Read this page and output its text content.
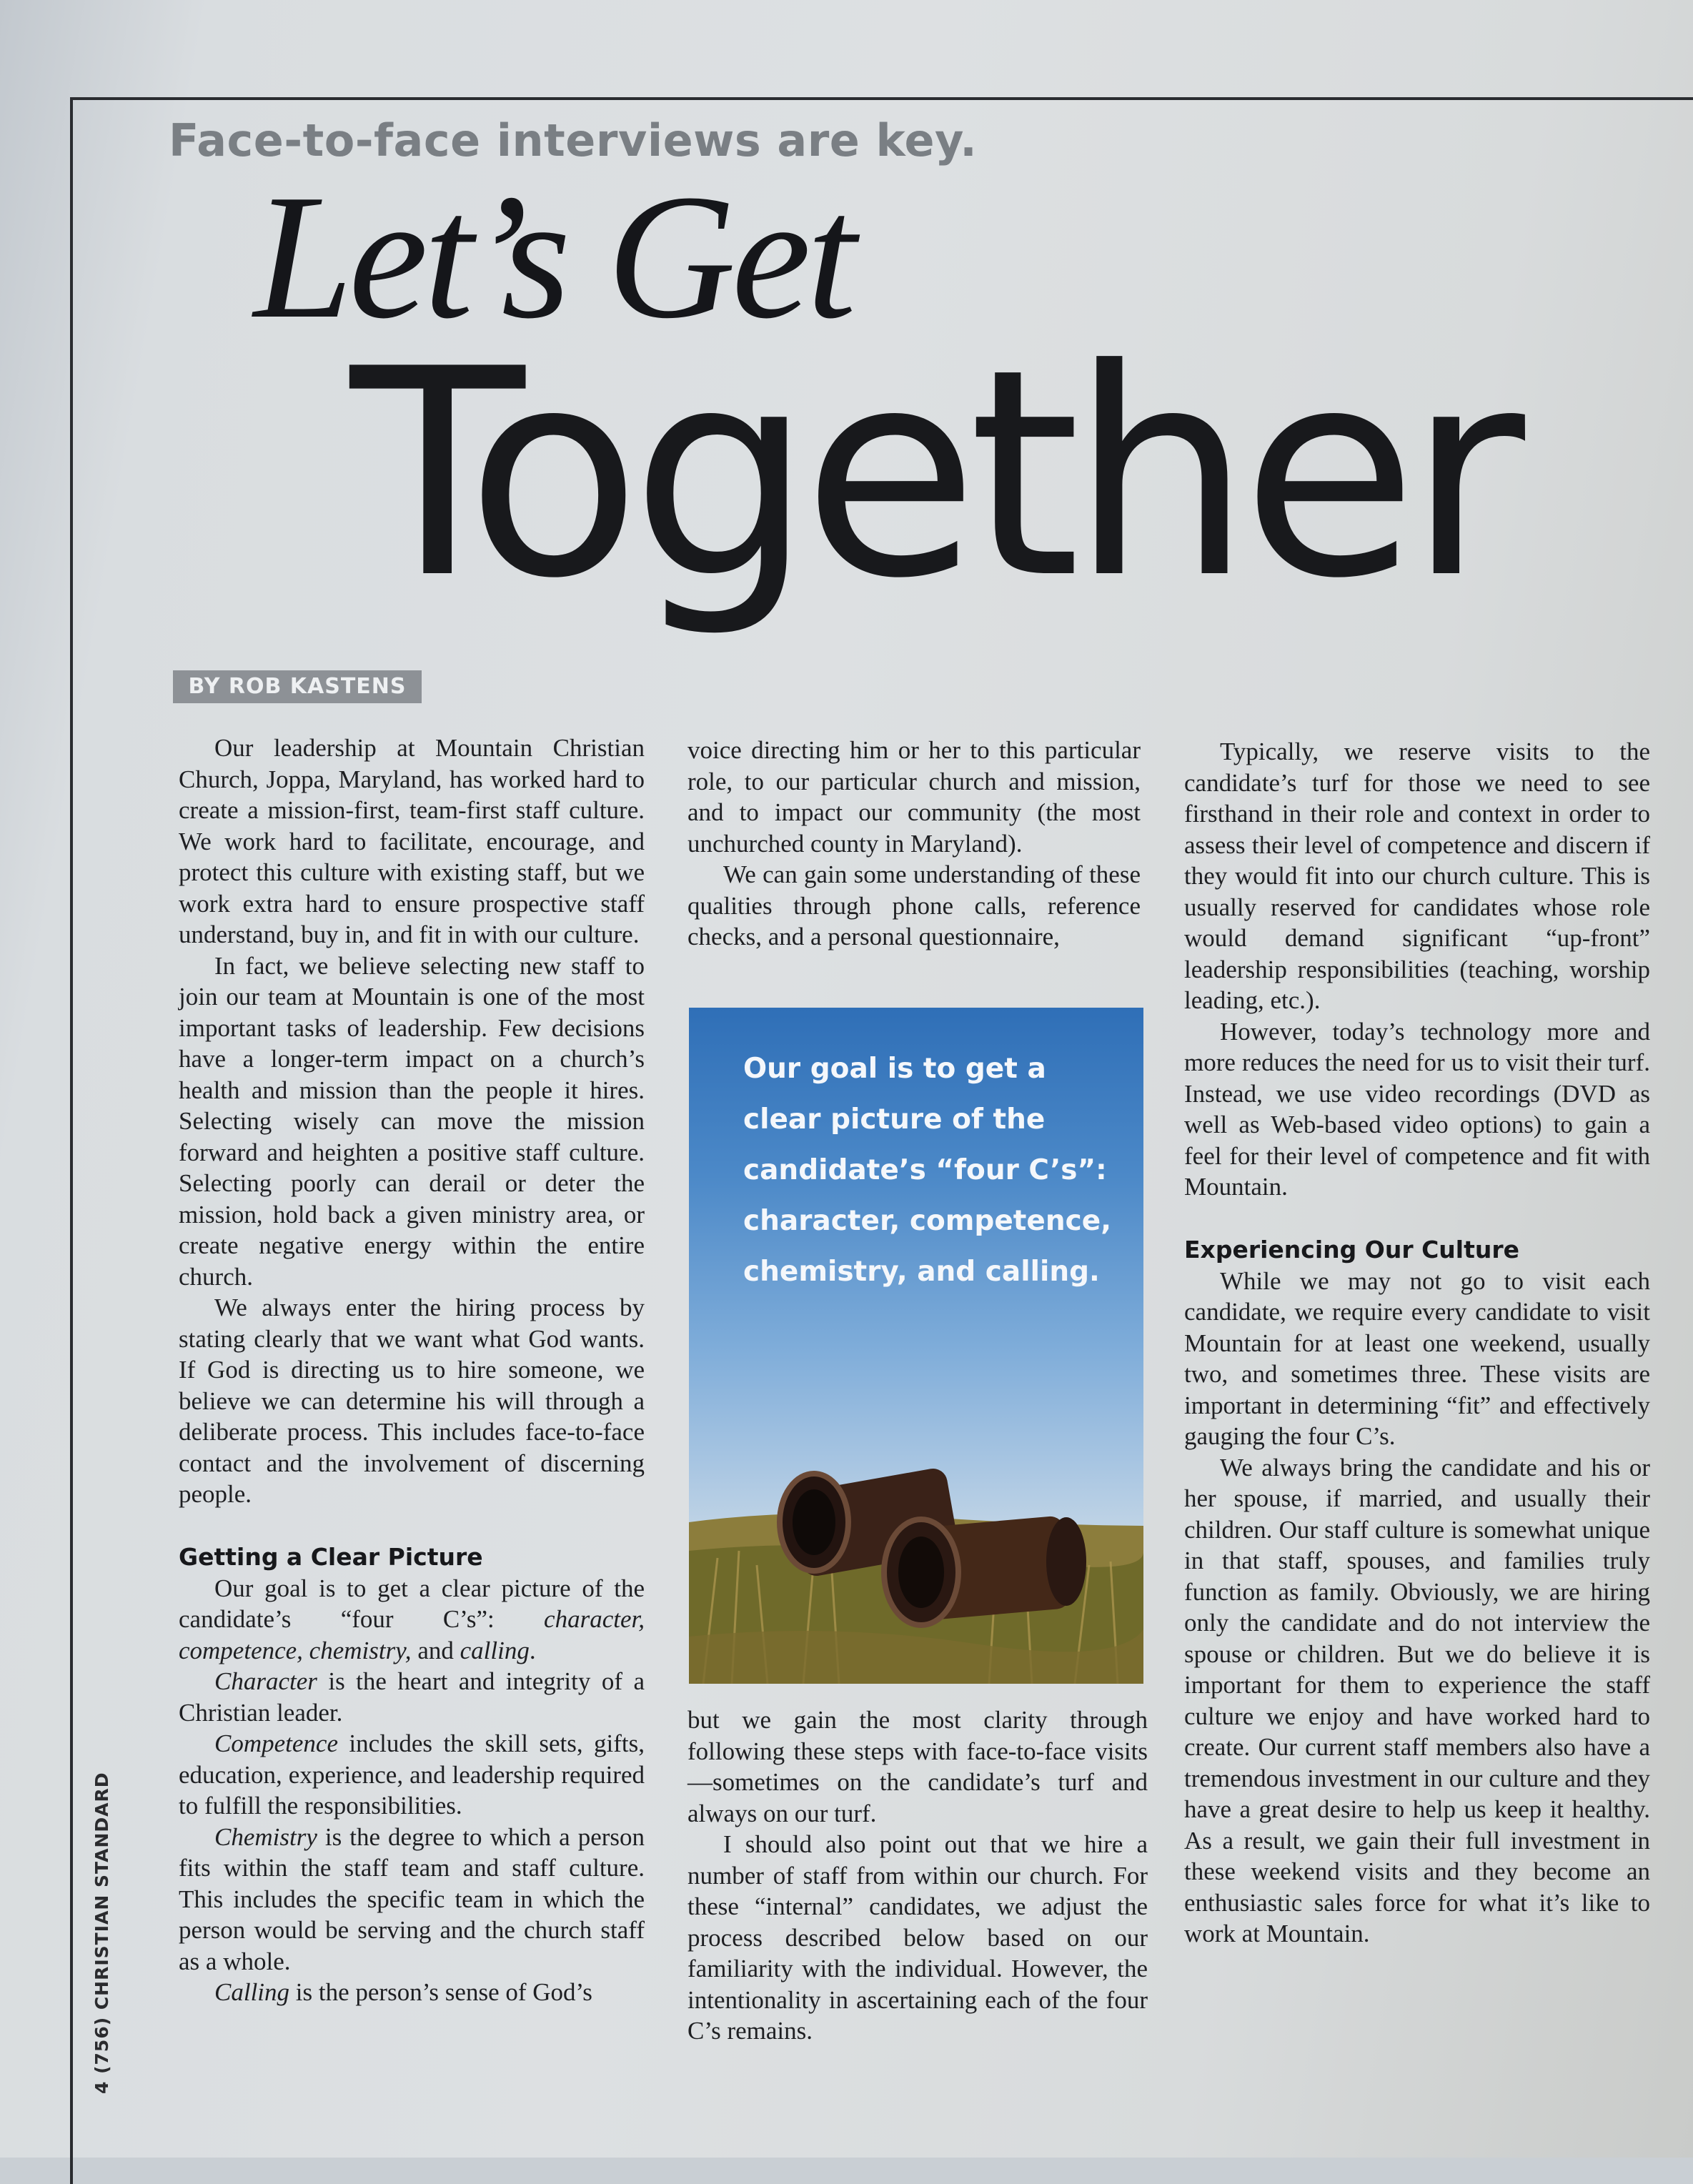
Face-to-face interviews are key.
Let’s Get
Together
BY ROB KASTENS

Our leadership at Mountain Christian Church, Joppa, Maryland, has worked hard to create a mission-first, team-first staff culture. We work hard to facilitate, encourage, and protect this culture with existing staff, but we work extra hard to ensure prospective staff understand, buy in, and fit in with our culture.

In fact, we believe selecting new staff to join our team at Mountain is one of the most important tasks of leadership. Few decisions have a longer-term impact on a church’s health and mission than the people it hires. Selecting wisely can move the mission forward and heighten a positive staff culture. Selecting poorly can derail or deter the mission, hold back a given ministry area, or create negative energy within the entire church.

We always enter the hiring process by stating clearly that we want what God wants. If God is directing us to hire someone, we believe we can determine his will through a deliberate process. This includes face-to-face contact and the involvement of discerning people.

Getting a Clear Picture

Our goal is to get a clear picture of the candidate’s “four C’s”: character, competence, chemistry, and calling.

Character is the heart and integrity of a Christian leader.

Competence includes the skill sets, gifts, education, experience, and leadership required to fulfill the responsibilities.

Chemistry is the degree to which a person fits within the staff team and staff culture. This includes the specific team in which the person would be serving and the church staff as a whole.

Calling is the person’s sense of God’s

voice directing him or her to this particular role, to our particular church and mission, and to impact our community (the most unchurched county in Maryland).

We can gain some understanding of these qualities through phone calls, reference checks, and a personal questionnaire,

Our goal is to get a clear picture of the candidate’s “four C’s”: character, competence, chemistry, and calling.

but we gain the most clarity through following these steps with face-to-face visits—sometimes on the candidate’s turf and always on our turf.

I should also point out that we hire a number of staff from within our church. For these “internal” candidates, we adjust the process described below based on our familiarity with the individual. However, the intentionality in ascertaining each of the four C’s remains.

Typically, we reserve visits to the candidate’s turf for those we need to see firsthand in their role and context in order to assess their level of competence and discern if they would fit into our church culture. This is usually reserved for candidates whose role would demand significant “up-front” leadership responsibilities (teaching, worship leading, etc.).

However, today’s technology more and more reduces the need for us to visit their turf. Instead, we use video recordings (DVD as well as Web-based video options) to gain a feel for their level of competence and fit with Mountain.

Experiencing Our Culture

While we may not go to visit each candidate, we require every candidate to visit Mountain for at least one weekend, usually two, and sometimes three. These visits are important in determining “fit” and effectively gauging the four C’s.

We always bring the candidate and his or her spouse, if married, and usually their children. Our staff culture is somewhat unique in that staff, spouses, and families truly function as family. Obviously, we are hiring only the candidate and do not interview the spouse or children. But we do believe it is important for them to experience the staff culture we enjoy and have worked hard to create. Our current staff members also have a tremendous investment in our culture and they have a great desire to help us keep it healthy. As a result, we gain their full investment in these weekend visits and they become an enthusiastic sales force for what it’s like to work at Mountain.

4 (756) CHRISTIAN STANDARD
